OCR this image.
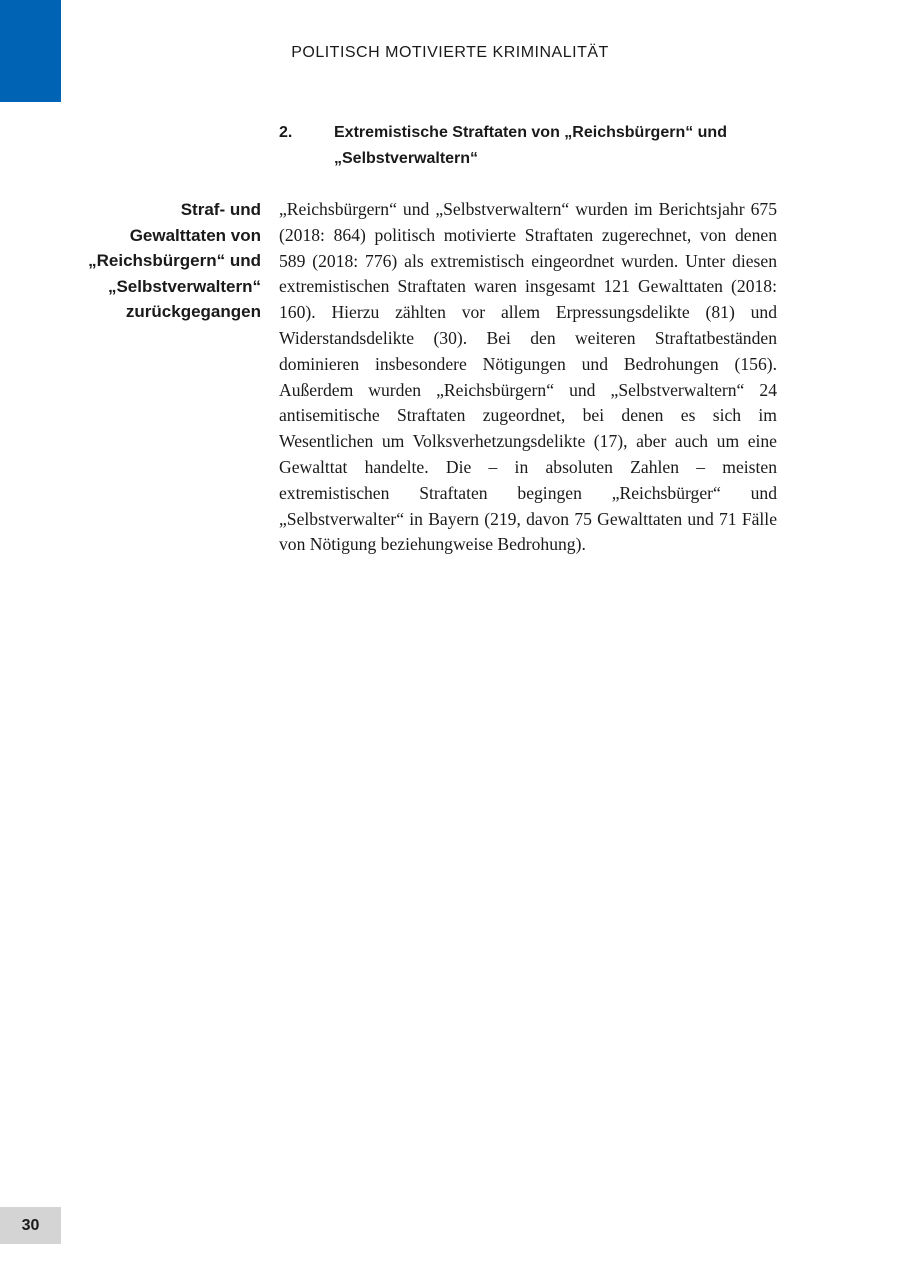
POLITISCH MOTIVIERTE KRIMINALITÄT
2.	Extremistische Straftaten von „Reichsbürgern“ und „Selbstverwaltern“
Straf- und
Gewalttaten von
„Reichsbürgern“ und
„Selbstverwaltern“
zurückgegangen

„Reichsbürgern“ und „Selbstverwaltern“ wurden im Berichtsjahr 675 (2018: 864) politisch motivierte Straftaten zugerechnet, von denen 589 (2018: 776) als extremistisch eingeordnet wurden. Unter diesen extremistischen Straftaten waren insgesamt 121 Gewalttaten (2018: 160). Hierzu zählten vor allem Erpressungsdelikte (81) und Widerstandsdelikte (30). Bei den weiteren Straftatbeständen dominieren insbesondere Nötigungen und Bedrohungen (156). Außerdem wurden „Reichsbürgern“ und „Selbstverwaltern“ 24 antisemitische Straftaten zugeordnet, bei denen es sich im Wesentlichen um Volksverhetzungsdelikte (17), aber auch um eine Gewalttat handelte. Die – in absoluten Zahlen – meisten extremistischen Straftaten begingen „Reichsbürger“ und „Selbstverwalter“ in Bayern (219, davon 75 Gewalttaten und 71 Fälle von Nötigung beziehungweise Bedrohung).

30
